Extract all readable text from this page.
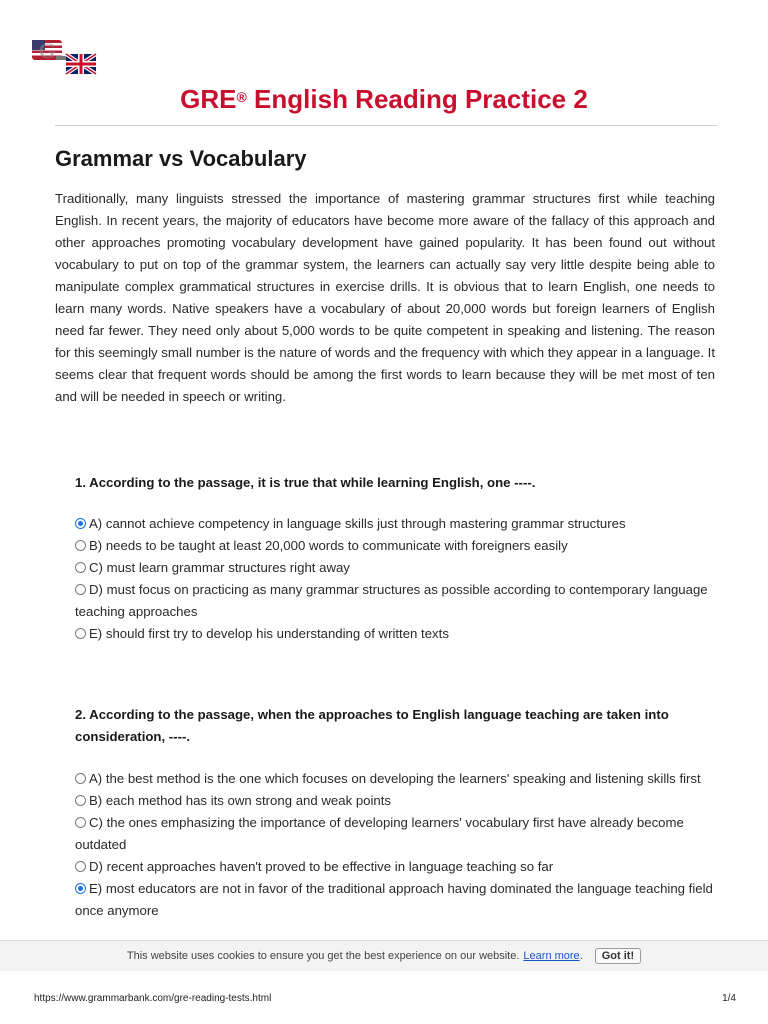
G
GRE® English Reading Practice 2
Grammar vs Vocabulary
Traditionally, many linguists stressed the importance of mastering grammar structures first while teaching English. In recent years, the majority of educators have become more aware of the fallacy of this approach and other approaches promoting vocabulary development have gained popularity. It has been found out without vocabulary to put on top of the grammar system, the learners can actually say very little despite being able to manipulate complex grammatical structures in exercise drills. It is obvious that to learn English, one needs to learn many words. Native speakers have a vocabulary of about 20,000 words but foreign learners of English need far fewer. They need only about 5,000 words to be quite competent in speaking and listening. The reason for this seemingly small number is the nature of words and the frequency with which they appear in a language. It seems clear that frequent words should be among the first words to learn because they will be met most of ten and will be needed in speech or writing.
1. According to the passage, it is true that while learning English, one ----.
A) cannot achieve competency in language skills just through mastering grammar structures
B) needs to be taught at least 20,000 words to communicate with foreigners easily
C) must learn grammar structures right away
D) must focus on practicing as many grammar structures as possible according to contemporary language teaching approaches
E) should first try to develop his understanding of written texts
2. According to the passage, when the approaches to English language teaching are taken into consideration, ----.
A) the best method is the one which focuses on developing the learners' speaking and listening skills first
B) each method has its own strong and weak points
C) the ones emphasizing the importance of developing learners' vocabulary first have already become outdated
D) recent approaches haven't proved to be effective in language teaching so far
E) most educators are not in favor of the traditional approach having dominated the language teaching field once anymore
This website uses cookies to ensure you get the best experience on our website. Learn more .	Got it!
https://www.grammarbank.com/gre-reading-tests.html	1/4
